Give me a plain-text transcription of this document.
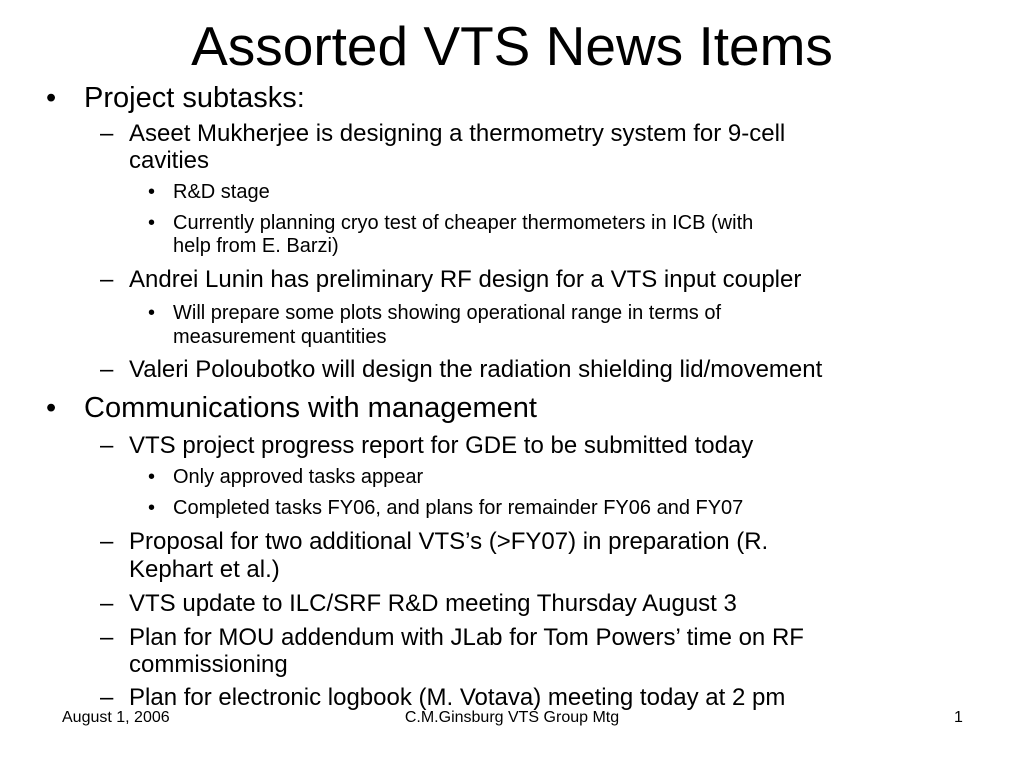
Assorted VTS News Items
• Project subtasks:
– Aseet Mukherjee is designing a thermometry system for 9-cell
cavities
• R&D stage
• Currently planning cryo test of cheaper thermometers in ICB (with
help from E. Barzi)
– Andrei Lunin has preliminary RF design for a VTS input coupler
• Will prepare some plots showing operational range in terms of
measurement quantities
– Valeri Poloubotko will design the radiation shielding lid/movement
• Communications with management
– VTS project progress report for GDE to be submitted today
• Only approved tasks appear
• Completed tasks FY06, and plans for remainder FY06 and FY07
– Proposal for two additional VTS’s (>FY07) in preparation (R.
Kephart et al.)
– VTS update to ILC/SRF R&D meeting Thursday August 3
– Plan for MOU addendum with JLab for Tom Powers’ time on RF
commissioning
– Plan for electronic logbook (M. Votava) meeting today at 2 pm
C.M.Ginsburg VTS Group Mtg
August 1, 2006	1
